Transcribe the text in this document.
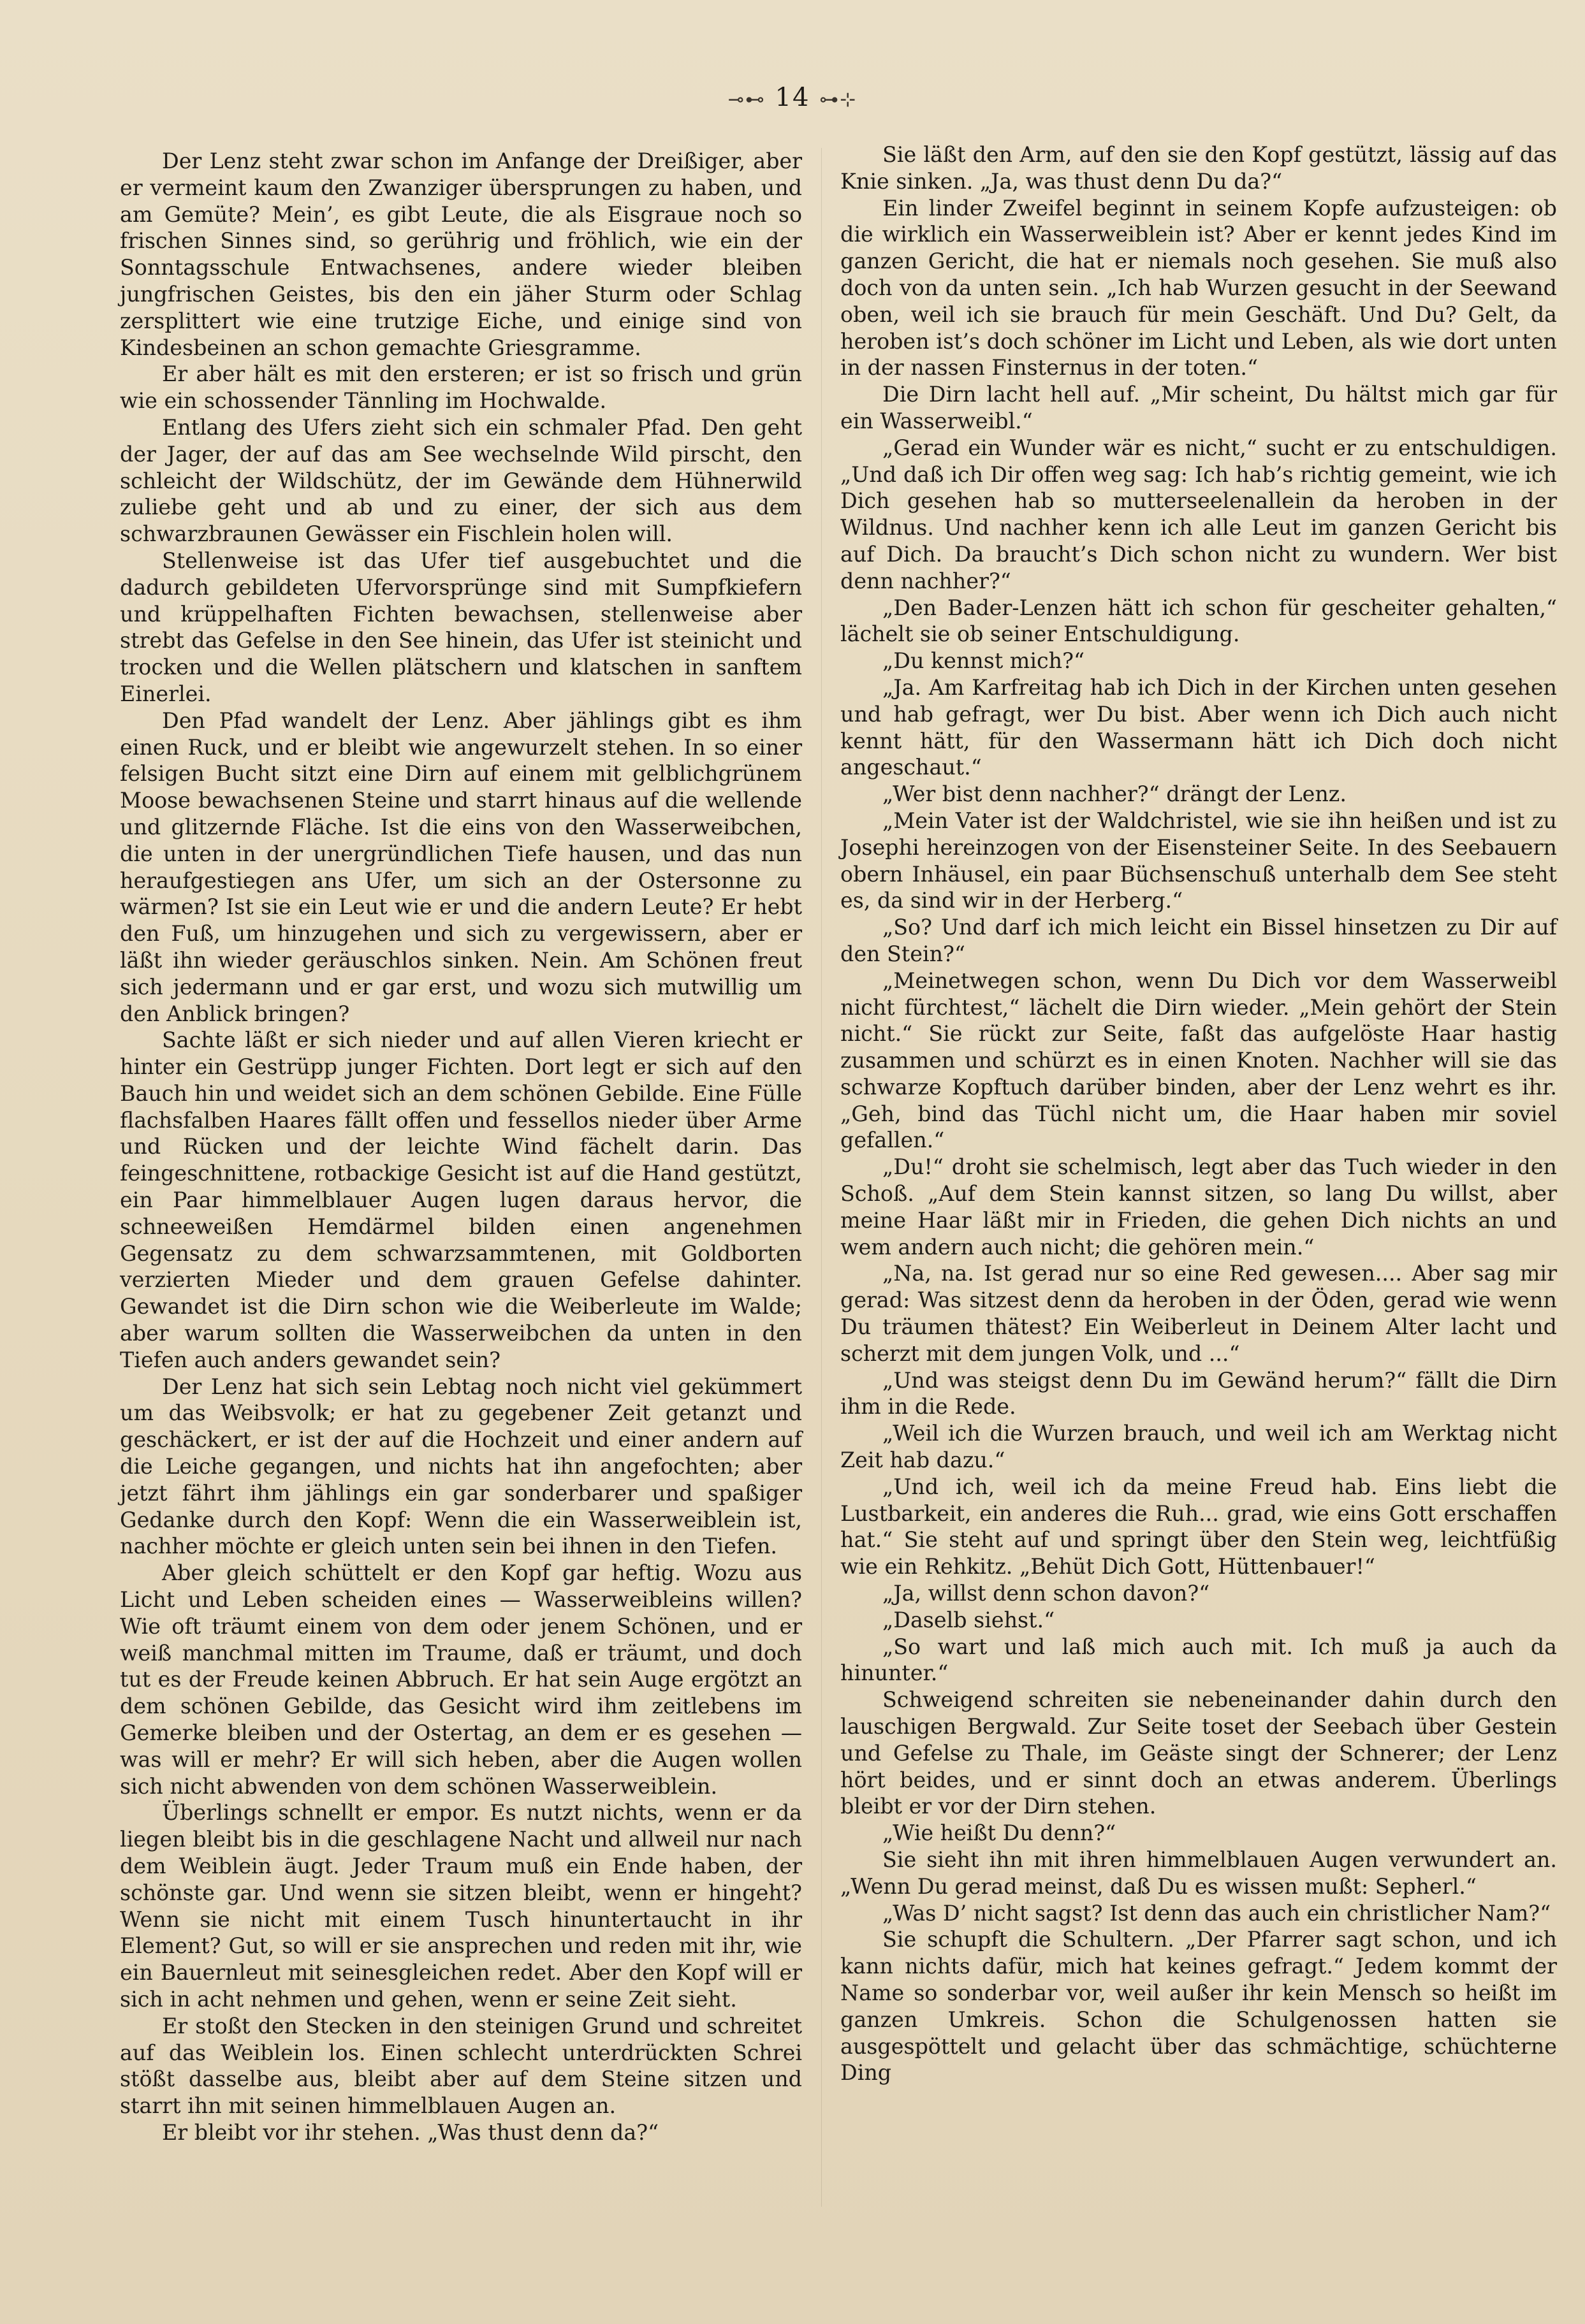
⊸⊷ 14 ⊶⊹

Der Lenz steht zwar schon im Anfange der Dreißiger, aber er vermeint kaum den Zwanziger übersprungen zu haben, und am Gemüte? Mein’, es gibt Leute, die als Eisgraue noch so frischen Sinnes sind, so gerührig und fröhlich, wie ein der Sonntagsschule Entwachsenes, andere wieder bleiben jungfrischen Geistes, bis den ein jäher Sturm oder Schlag zersplittert wie eine trutzige Eiche, und einige sind von Kindesbeinen an schon gemachte Griesgramme.

Er aber hält es mit den ersteren; er ist so frisch und grün wie ein schossender Tännling im Hochwalde.

Entlang des Ufers zieht sich ein schmaler Pfad. Den geht der Jager, der auf das am See wechselnde Wild pirscht, den schleicht der Wildschütz, der im Gewände dem Hühnerwild zuliebe geht und ab und zu einer, der sich aus dem schwarzbraunen Gewässer ein Fischlein holen will.

Stellenweise ist das Ufer tief ausgebuchtet und die dadurch gebildeten Ufervorsprünge sind mit Sumpfkiefern und krüppelhaften Fichten bewachsen, stellenweise aber strebt das Gefelse in den See hinein, das Ufer ist steinicht und trocken und die Wellen plätschern und klatschen in sanftem Einerlei.

Den Pfad wandelt der Lenz. Aber jählings gibt es ihm einen Ruck, und er bleibt wie angewurzelt stehen. In so einer felsigen Bucht sitzt eine Dirn auf einem mit gelblichgrünem Moose bewachsenen Steine und starrt hinaus auf die wellende und glitzernde Fläche. Ist die eins von den Wasserweibchen, die unten in der unergründlichen Tiefe hausen, und das nun heraufgestiegen ans Ufer, um sich an der Ostersonne zu wärmen? Ist sie ein Leut wie er und die andern Leute? Er hebt den Fuß, um hinzugehen und sich zu vergewissern, aber er läßt ihn wieder geräuschlos sinken. Nein. Am Schönen freut sich jedermann und er gar erst, und wozu sich mutwillig um den Anblick bringen?

Sachte läßt er sich nieder und auf allen Vieren kriecht er hinter ein Gestrüpp junger Fichten. Dort legt er sich auf den Bauch hin und weidet sich an dem schönen Gebilde. Eine Fülle flachsfalben Haares fällt offen und fessellos nieder über Arme und Rücken und der leichte Wind fächelt darin. Das feingeschnittene, rotbackige Gesicht ist auf die Hand gestützt, ein Paar himmelblauer Augen lugen daraus hervor, die schneeweißen Hemdärmel bilden einen angenehmen Gegensatz zu dem schwarzsammtenen, mit Goldborten verzierten Mieder und dem grauen Gefelse dahinter. Gewandet ist die Dirn schon wie die Weiberleute im Walde; aber warum sollten die Wasserweibchen da unten in den Tiefen auch anders gewandet sein?

Der Lenz hat sich sein Lebtag noch nicht viel gekümmert um das Weibsvolk; er hat zu gegebener Zeit getanzt und geschäckert, er ist der auf die Hochzeit und einer andern auf die Leiche gegangen, und nichts hat ihn angefochten; aber jetzt fährt ihm jählings ein gar sonderbarer und spaßiger Gedanke durch den Kopf: Wenn die ein Wasserweiblein ist, nachher möchte er gleich unten sein bei ihnen in den Tiefen.

Aber gleich schüttelt er den Kopf gar heftig. Wozu aus Licht und Leben scheiden eines — Wasserweibleins willen? Wie oft träumt einem von dem oder jenem Schönen, und er weiß manchmal mitten im Traume, daß er träumt, und doch tut es der Freude keinen Abbruch. Er hat sein Auge ergötzt an dem schönen Gebilde, das Gesicht wird ihm zeitlebens im Gemerke bleiben und der Ostertag, an dem er es gesehen — was will er mehr? Er will sich heben, aber die Augen wollen sich nicht abwenden von dem schönen Wasserweiblein.

Überlings schnellt er empor. Es nutzt nichts, wenn er da liegen bleibt bis in die geschlagene Nacht und allweil nur nach dem Weiblein äugt. Jeder Traum muß ein Ende haben, der schönste gar. Und wenn sie sitzen bleibt, wenn er hingeht? Wenn sie nicht mit einem Tusch hinuntertaucht in ihr Element? Gut, so will er sie ansprechen und reden mit ihr, wie ein Bauernleut mit seinesgleichen redet. Aber den Kopf will er sich in acht nehmen und gehen, wenn er seine Zeit sieht.

Er stoßt den Stecken in den steinigen Grund und schreitet auf das Weiblein los. Einen schlecht unterdrückten Schrei stößt dasselbe aus, bleibt aber auf dem Steine sitzen und starrt ihn mit seinen himmelblauen Augen an.

Er bleibt vor ihr stehen. „Was thust denn da?“

Sie läßt den Arm, auf den sie den Kopf gestützt, lässig auf das Knie sinken. „Ja, was thust denn Du da?“

Ein linder Zweifel beginnt in seinem Kopfe aufzusteigen: ob die wirklich ein Wasserweiblein ist? Aber er kennt jedes Kind im ganzen Gericht, die hat er niemals noch gesehen. Sie muß also doch von da unten sein. „Ich hab Wurzen gesucht in der Seewand oben, weil ich sie brauch für mein Geschäft. Und Du? Gelt, da heroben ist’s doch schöner im Licht und Leben, als wie dort unten in der nassen Finsternus in der toten.“

Die Dirn lacht hell auf. „Mir scheint, Du hältst mich gar für ein Wasserweibl.“

„Gerad ein Wunder wär es nicht,“ sucht er zu entschuldigen. „Und daß ich Dir offen weg sag: Ich hab’s richtig gemeint, wie ich Dich gesehen hab so mutterseelenallein da heroben in der Wildnus. Und nachher kenn ich alle Leut im ganzen Gericht bis auf Dich. Da braucht’s Dich schon nicht zu wundern. Wer bist denn nachher?“

„Den Bader-Lenzen hätt ich schon für gescheiter gehalten,“ lächelt sie ob seiner Entschuldigung.

„Du kennst mich?“

„Ja. Am Karfreitag hab ich Dich in der Kirchen unten gesehen und hab gefragt, wer Du bist. Aber wenn ich Dich auch nicht kennt hätt, für den Wassermann hätt ich Dich doch nicht angeschaut.“

„Wer bist denn nachher?“ drängt der Lenz.

„Mein Vater ist der Waldchristel, wie sie ihn heißen und ist zu Josephi hereinzogen von der Eisensteiner Seite. In des Seebauern obern Inhäusel, ein paar Büchsenschuß unterhalb dem See steht es, da sind wir in der Herberg.“

„So? Und darf ich mich leicht ein Bissel hinsetzen zu Dir auf den Stein?“

„Meinetwegen schon, wenn Du Dich vor dem Wasserweibl nicht fürchtest,“ lächelt die Dirn wieder. „Mein gehört der Stein nicht.“ Sie rückt zur Seite, faßt das aufgelöste Haar hastig zusammen und schürzt es in einen Knoten. Nachher will sie das schwarze Kopftuch darüber binden, aber der Lenz wehrt es ihr. „Geh, bind das Tüchl nicht um, die Haar haben mir soviel gefallen.“

„Du!“ droht sie schelmisch, legt aber das Tuch wieder in den Schoß. „Auf dem Stein kannst sitzen, so lang Du willst, aber meine Haar läßt mir in Frieden, die gehen Dich nichts an und wem andern auch nicht; die gehören mein.“

„Na, na. Ist gerad nur so eine Red gewesen.... Aber sag mir gerad: Was sitzest denn da heroben in der Öden, gerad wie wenn Du träumen thätest? Ein Weiberleut in Deinem Alter lacht und scherzt mit dem jungen Volk, und ...“

„Und was steigst denn Du im Gewänd herum?“ fällt die Dirn ihm in die Rede.

„Weil ich die Wurzen brauch, und weil ich am Werktag nicht Zeit hab dazu.“

„Und ich, weil ich da meine Freud hab. Eins liebt die Lustbarkeit, ein anderes die Ruh... grad, wie eins Gott erschaffen hat.“ Sie steht auf und springt über den Stein weg, leichtfüßig wie ein Rehkitz. „Behüt Dich Gott, Hüttenbauer!“

„Ja, willst denn schon davon?“

„Daselb siehst.“

„So wart und laß mich auch mit. Ich muß ja auch da hinunter.“

Schweigend schreiten sie nebeneinander dahin durch den lauschigen Bergwald. Zur Seite toset der Seebach über Gestein und Gefelse zu Thale, im Geäste singt der Schnerer; der Lenz hört beides, und er sinnt doch an etwas anderem. Überlings bleibt er vor der Dirn stehen.

„Wie heißt Du denn?“

Sie sieht ihn mit ihren himmelblauen Augen verwundert an. „Wenn Du gerad meinst, daß Du es wissen mußt: Sepherl.“

„Was D’ nicht sagst? Ist denn das auch ein christlicher Nam?“

Sie schupft die Schultern. „Der Pfarrer sagt schon, und ich kann nichts dafür, mich hat keines gefragt.“ Jedem kommt der Name so sonderbar vor, weil außer ihr kein Mensch so heißt im ganzen Umkreis. Schon die Schulgenossen hatten sie ausgespöttelt und gelacht über das schmächtige, schüchterne Ding
